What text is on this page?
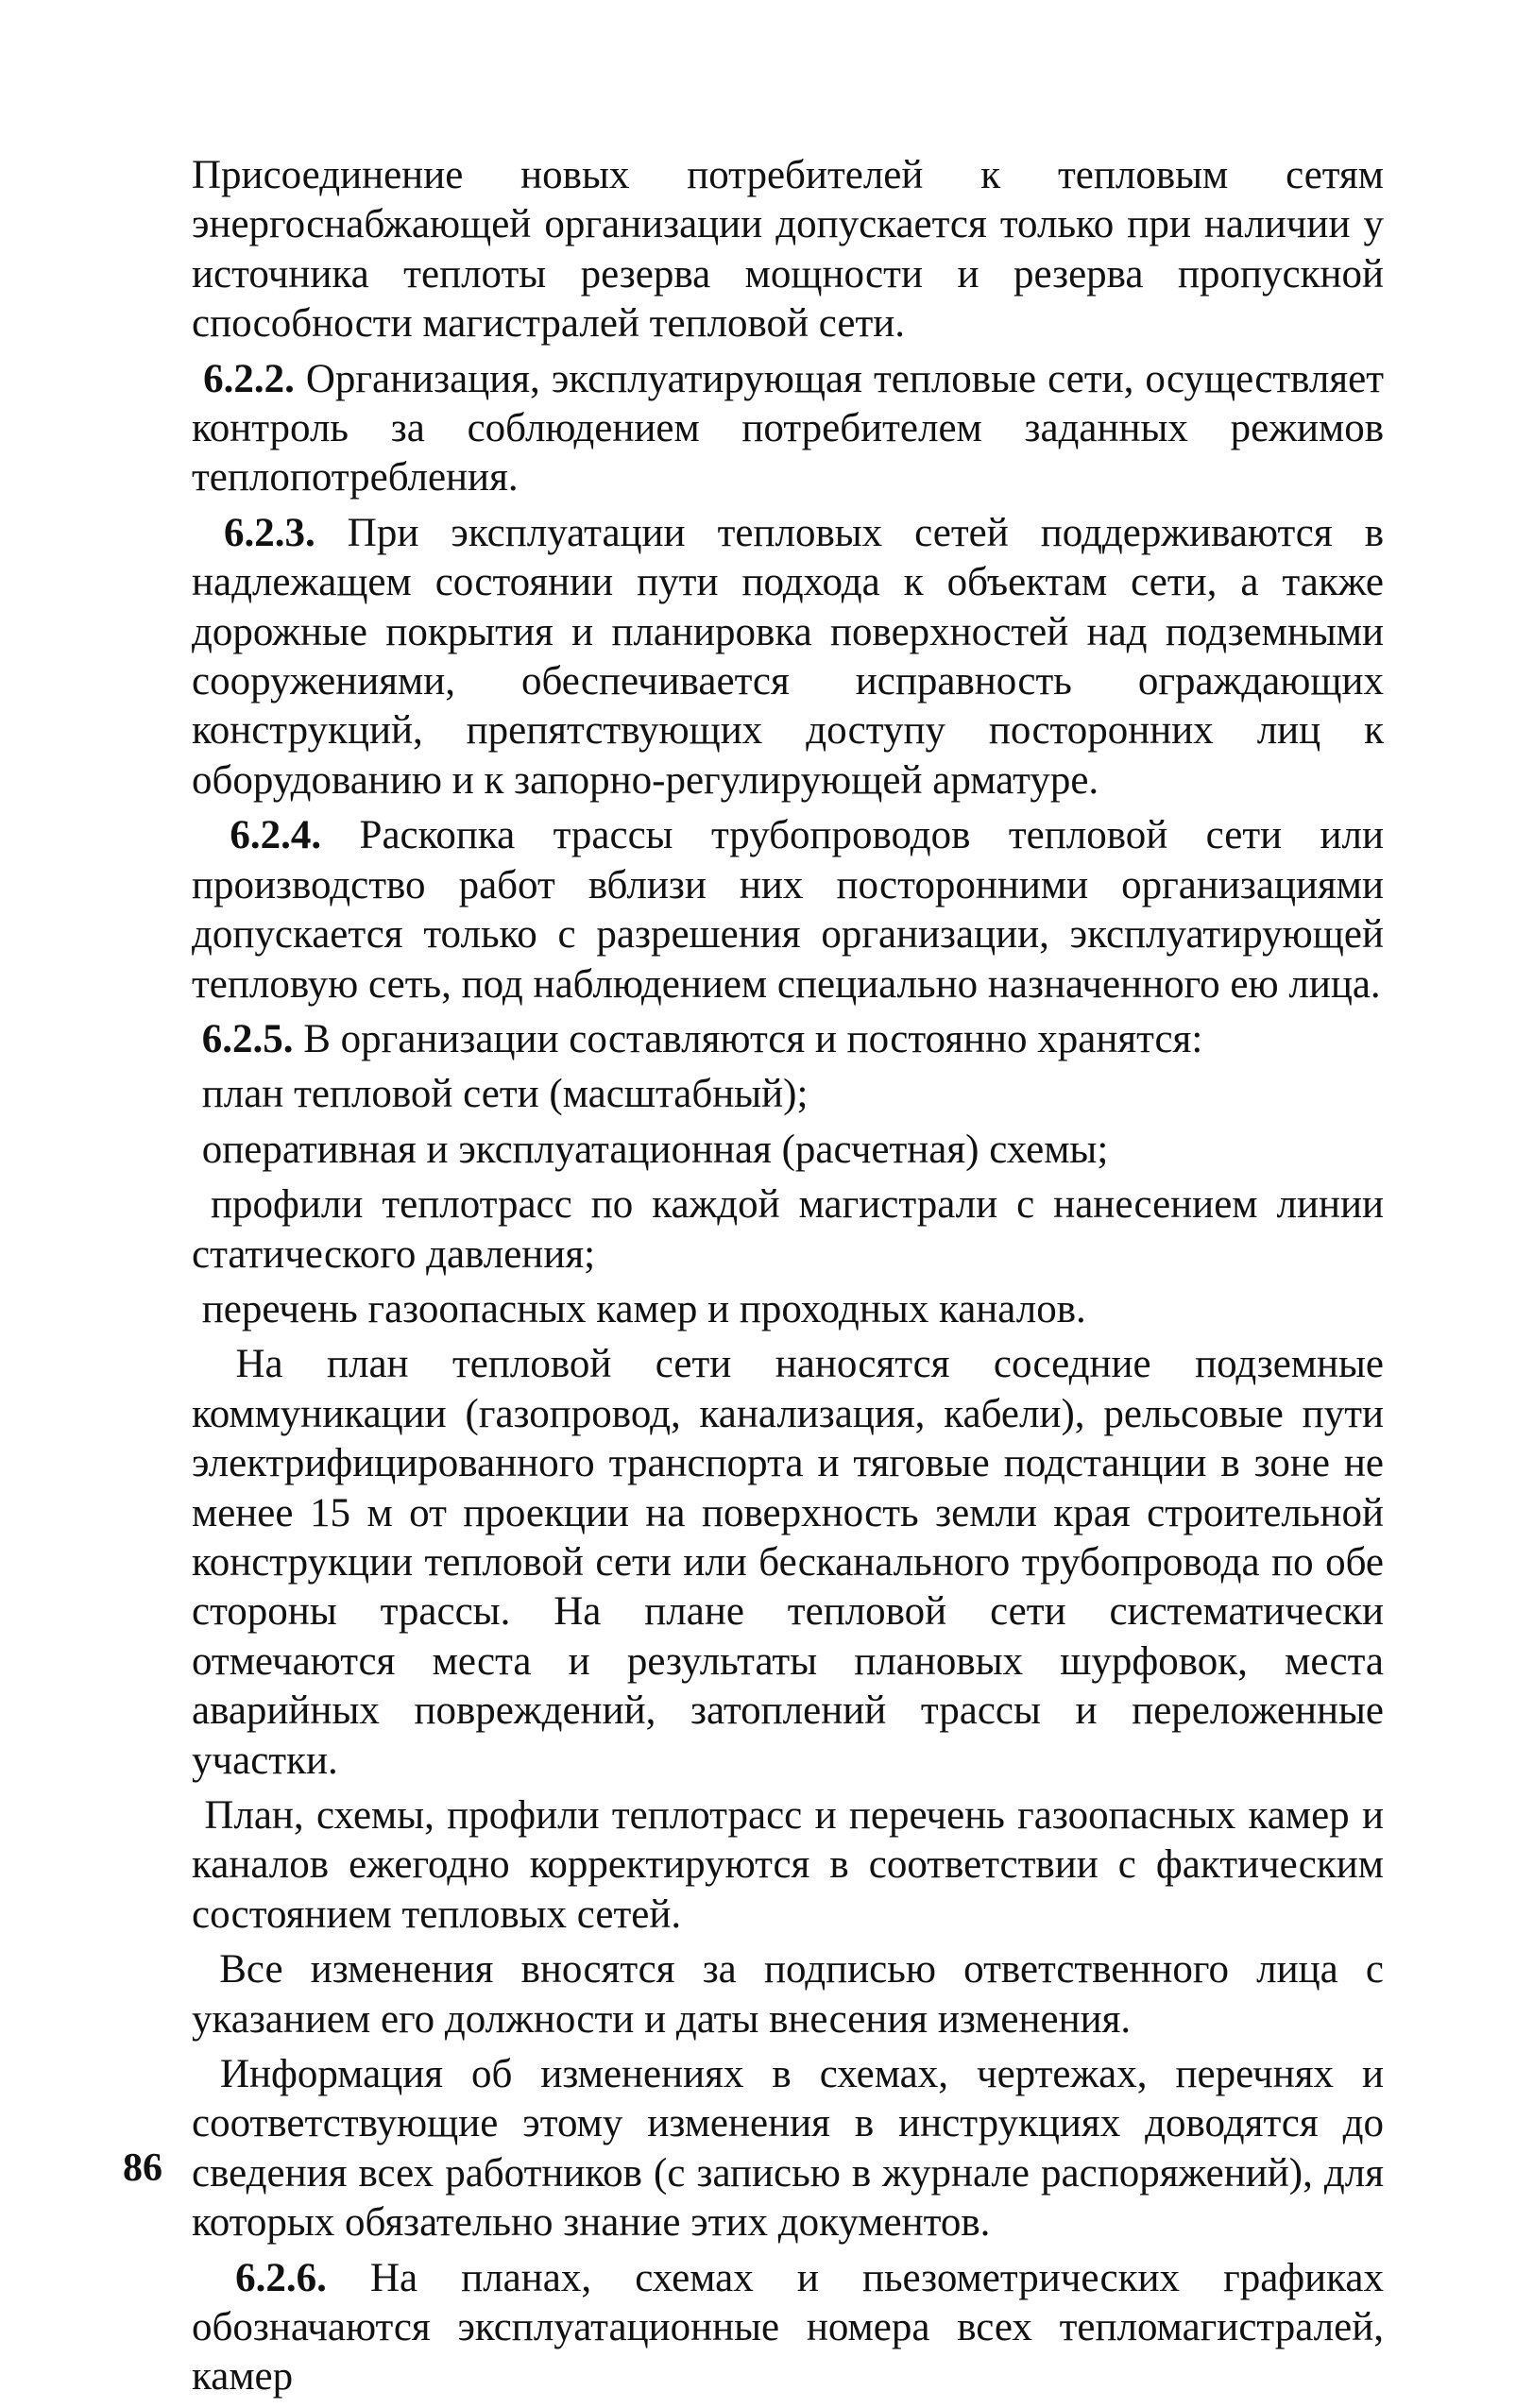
Присоединение новых потребителей к тепловым сетям энергоснабжающей организации допускается только при наличии у источника теплоты резерва мощности и резерва пропускной способности магистралей тепловой сети.

6.2.2. Организация, эксплуатирующая тепловые сети, осуществляет контроль за соблюдением потребителем заданных режимов теплопотребления.

6.2.3. При эксплуатации тепловых сетей поддерживаются в надлежащем состоянии пути подхода к объектам сети, а также дорожные покрытия и планировка поверхностей над подземными сооружениями, обеспечивается исправность ограждающих конструкций, препятствующих доступу посторонних лиц к оборудованию и к запорно-регулирующей арматуре.

6.2.4. Раскопка трассы трубопроводов тепловой сети или производство работ вблизи них посторонними организациями допускается только с разрешения организации, эксплуатирующей тепловую сеть, под наблюдением специально назначенного ею лица.

6.2.5. В организации составляются и постоянно хранятся:

план тепловой сети (масштабный);

оперативная и эксплуатационная (расчетная) схемы;

профили теплотрасс по каждой магистрали с нанесением линии статического давления;

перечень газоопасных камер и проходных каналов.

На план тепловой сети наносятся соседние подземные коммуникации (газопровод, канализация, кабели), рельсовые пути электрифицированного транспорта и тяговые подстанции в зоне не менее 15 м от проекции на поверхность земли края строительной конструкции тепловой сети или бесканального трубопровода по обе стороны трассы. На плане тепловой сети систематически отмечаются места и результаты плановых шурфовок, места аварийных повреждений, затоплений трассы и переложенные участки.

План, схемы, профили теплотрасс и перечень газоопасных камер и каналов ежегодно корректируются в соответствии с фактическим состоянием тепловых сетей.

Все изменения вносятся за подписью ответственного лица с указанием его должности и даты внесения изменения.

Информация об изменениях в схемах, чертежах, перечнях и соответствующие этому изменения в инструкциях доводятся до сведения всех работников (с записью в журнале распоряжений), для которых обязательно знание этих документов.

6.2.6. На планах, схемах и пьезометрических графиках обозначаются эксплуатационные номера всех тепломагистралей, камер

86
